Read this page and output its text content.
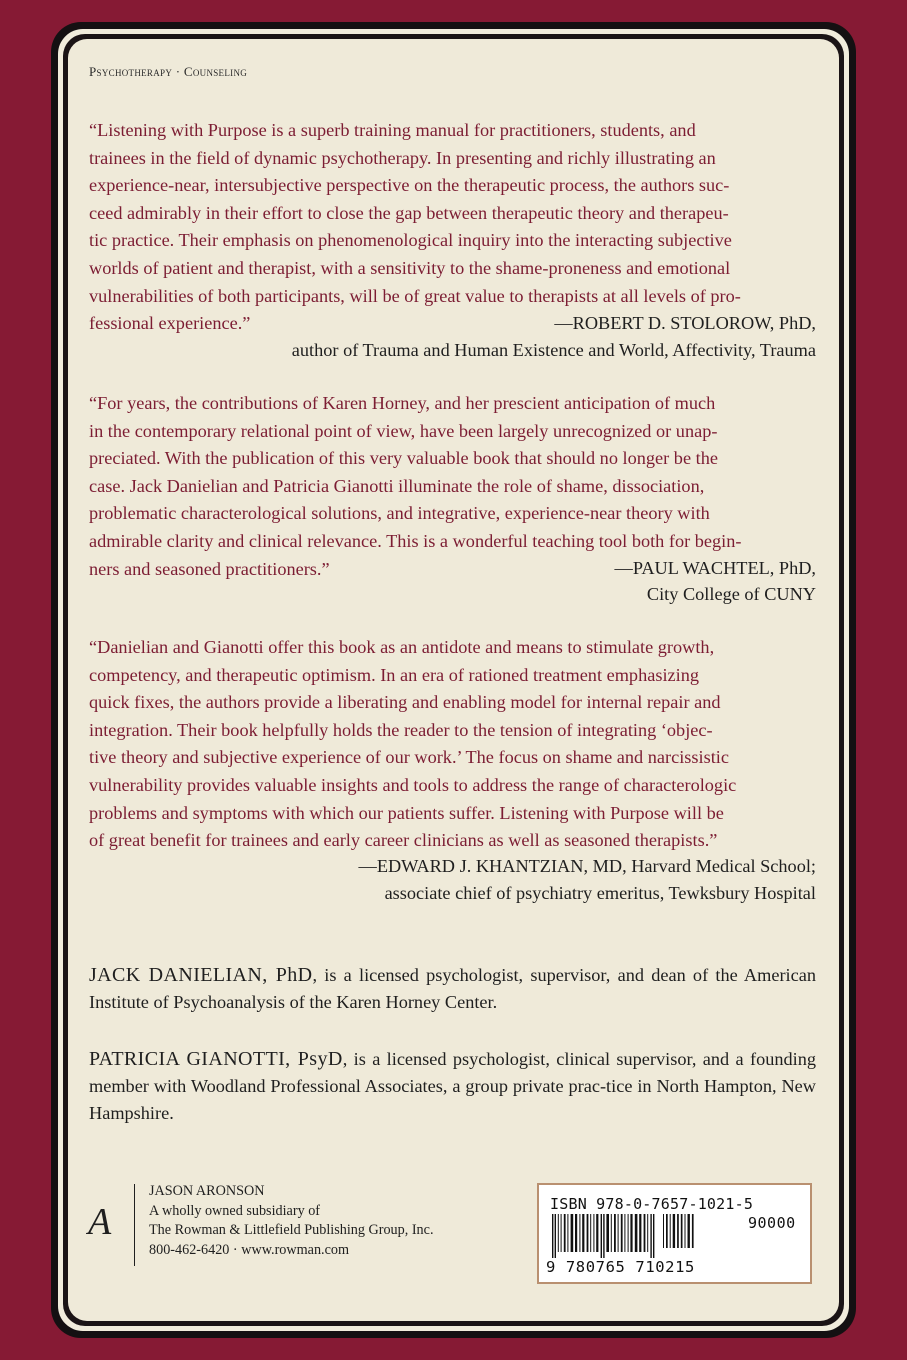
Psychotherapy · Counseling
“Listening with Purpose is a superb training manual for practitioners, students, and
trainees in the field of dynamic psychotherapy. In presenting and richly illustrating an
experience-near, intersubjective perspective on the therapeutic process, the authors suc-
ceed admirably in their effort to close the gap between therapeutic theory and therapeu-
tic practice. Their emphasis on phenomenological inquiry into the interacting subjective
worlds of patient and therapist, with a sensitivity to the shame-proneness and emotional
vulnerabilities of both participants, will be of great value to therapists at all levels of pro-
fessional experience.”	—ROBERT D. STOLOROW, PhD,
author of Trauma and Human Existence and World, Affectivity, Trauma
“For years, the contributions of Karen Horney, and her prescient anticipation of much
in the contemporary relational point of view, have been largely unrecognized or unap-
preciated. With the publication of this very valuable book that should no longer be the
case. Jack Danielian and Patricia Gianotti illuminate the role of shame, dissociation,
problematic characterological solutions, and integrative, experience-near theory with
admirable clarity and clinical relevance. This is a wonderful teaching tool both for begin-
ners and seasoned practitioners.”	—PAUL WACHTEL, PhD,
City College of CUNY
“Danielian and Gianotti offer this book as an antidote and means to stimulate growth,
competency, and therapeutic optimism. In an era of rationed treatment emphasizing
quick fixes, the authors provide a liberating and enabling model for internal repair and
integration. Their book helpfully holds the reader to the tension of integrating ‘objec-
tive theory and subjective experience of our work.’ The focus on shame and narcissistic
vulnerability provides valuable insights and tools to address the range of characterologic
problems and symptoms with which our patients suffer. Listening with Purpose will be
of great benefit for trainees and early career clinicians as well as seasoned therapists.”
—EDWARD J. KHANTZIAN, MD, Harvard Medical School;
associate chief of psychiatry emeritus, Tewksbury Hospital
JACK DANIELIAN, PhD, is a licensed psychologist, supervisor, and dean of the American Institute of Psychoanalysis of the Karen Horney Center.
PATRICIA GIANOTTI, PsyD, is a licensed psychologist, clinical supervisor, and a founding member with Woodland Professional Associates, a group private prac-tice in North Hampton, New Hampshire.
A
JASON ARONSON
A wholly owned subsidiary of
The Rowman & Littlefield Publishing Group, Inc.
800-462-6420 · www.rowman.com
ISBN 978-0-7657-1021-5
90000
9 780765 710215
